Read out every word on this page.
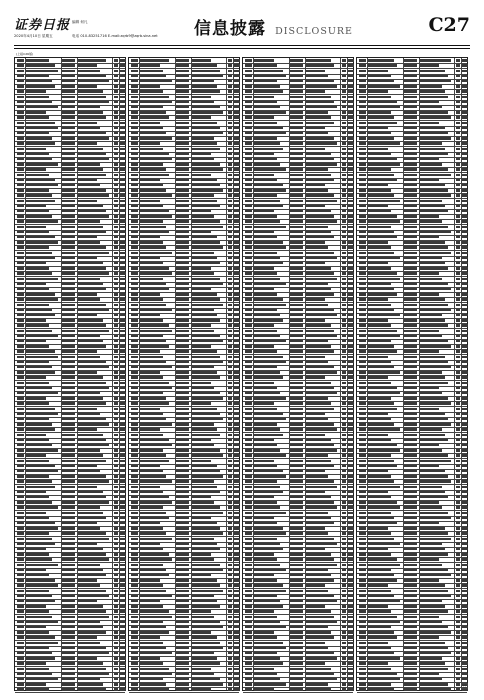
证券日报
2020年4月10日 星期五
编辑 何凡
电话 010-83251716 E-mail:zqrb9@zqrb.sina.net 信息披露 DISCLOSURE	C27
(上接C26版)
□
